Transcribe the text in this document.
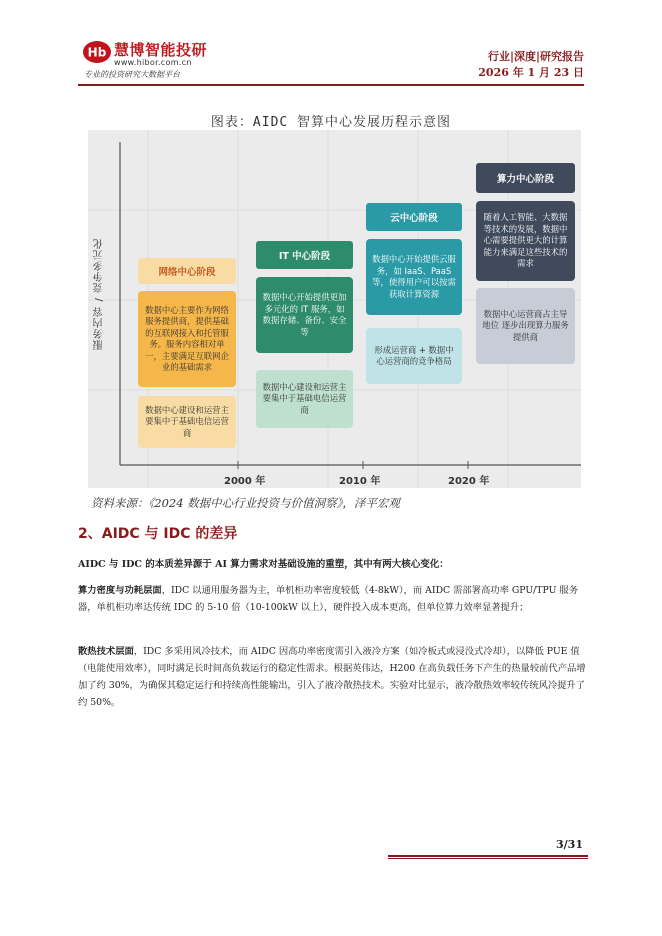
Hb 慧博智能投研
www.hibor.com.cn
专业的投资研究大数据平台
行业|深度|研究报告
2026 年 1 月 23 日
图表：AIDC 智算中心发展历程示意图
服务内容 / 竞争多元化
2000 年	2010 年	2020 年
网络中心阶段
数据中心主要作为网络服务提供商，提供基础的互联网接入和托管服务。服务内容相对单一，主要满足互联网企业的基础需求
数据中心建设和运营主要集中于基础电信运营商
IT 中心阶段
数据中心开始提供更加多元化的 IT 服务，如数据存储、备份、安全等
数据中心建设和运营主要集中于基础电信运营商
云中心阶段
数据中心开始提供云服务，如 IaaS、PaaS 等，使得用户可以按需获取计算资源
形成运营商 + 数据中心运营商的竞争格局
算力中心阶段
随着人工智能、大数据等技术的发展，数据中心需要提供更大的计算能力来满足这些技术的需求
数据中心运营商占主导地位 逐步出现算力服务提供商
资料来源：《2024 数据中心行业投资与价值洞察》，泽平宏观
2、AIDC 与 IDC 的差异
AIDC 与 IDC 的本质差异源于 AI 算力需求对基础设施的重塑，其中有两大核心变化：
算力密度与功耗层面，IDC 以通用服务器为主，单机柜功率密度较低（4-8kW），而 AIDC 需部署高功率 GPU/TPU 服务器，单机柜功率达传统 IDC 的 5-10 倍（10-100kW 以上），硬件投入成本更高，但单位算力效率显著提升；
散热技术层面，IDC 多采用风冷技术，而 AIDC 因高功率密度需引入液冷方案（如冷板式或浸没式冷却），以降低 PUE 值（电能使用效率），同时满足长时间高负载运行的稳定性需求。根据英伟达，H200 在高负载任务下产生的热量较前代产品增加了约 30%，为确保其稳定运行和持续高性能输出，引入了液冷散热技术。实验对比显示，液冷散热效率较传统风冷提升了约 50%。
3/31
